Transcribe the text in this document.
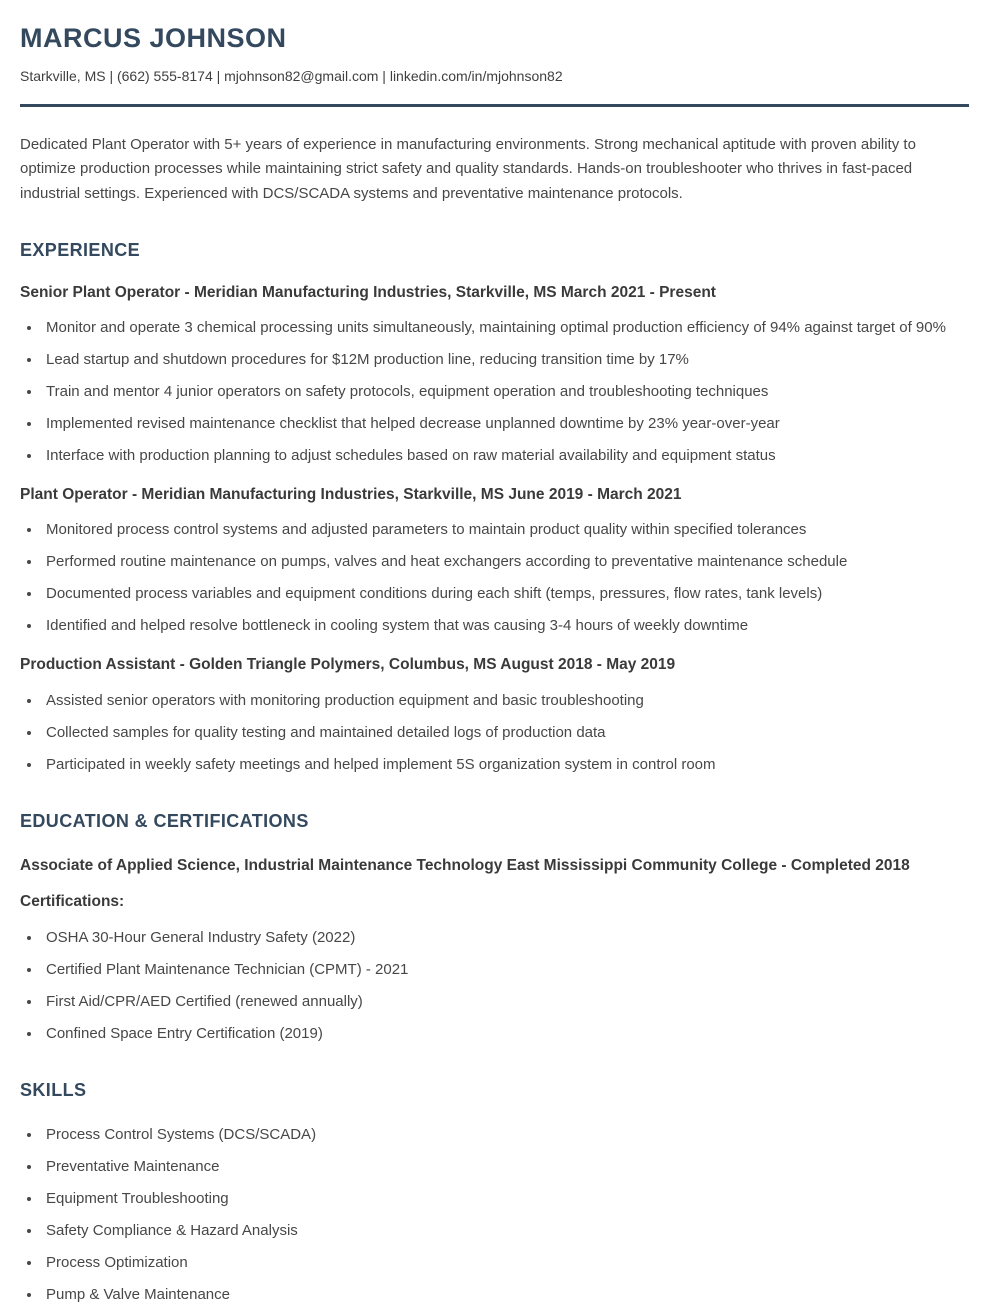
MARCUS JOHNSON
Starkville, MS | (662) 555-8174 | mjohnson82@gmail.com | linkedin.com/in/mjohnson82

Dedicated Plant Operator with 5+ years of experience in manufacturing environments. Strong mechanical aptitude with proven ability to optimize production processes while maintaining strict safety and quality standards. Hands-on troubleshooter who thrives in fast-paced industrial settings. Experienced with DCS/SCADA systems and preventative maintenance protocols.

EXPERIENCE
Senior Plant Operator - Meridian Manufacturing Industries, Starkville, MS March 2021 - Present
• Monitor and operate 3 chemical processing units simultaneously, maintaining optimal production efficiency of 94% against target of 90%
• Lead startup and shutdown procedures for $12M production line, reducing transition time by 17%
• Train and mentor 4 junior operators on safety protocols, equipment operation and troubleshooting techniques
• Implemented revised maintenance checklist that helped decrease unplanned downtime by 23% year-over-year
• Interface with production planning to adjust schedules based on raw material availability and equipment status
Plant Operator - Meridian Manufacturing Industries, Starkville, MS June 2019 - March 2021
• Monitored process control systems and adjusted parameters to maintain product quality within specified tolerances
• Performed routine maintenance on pumps, valves and heat exchangers according to preventative maintenance schedule
• Documented process variables and equipment conditions during each shift (temps, pressures, flow rates, tank levels)
• Identified and helped resolve bottleneck in cooling system that was causing 3-4 hours of weekly downtime
Production Assistant - Golden Triangle Polymers, Columbus, MS August 2018 - May 2019
• Assisted senior operators with monitoring production equipment and basic troubleshooting
• Collected samples for quality testing and maintained detailed logs of production data
• Participated in weekly safety meetings and helped implement 5S organization system in control room
EDUCATION & CERTIFICATIONS
Associate of Applied Science, Industrial Maintenance Technology East Mississippi Community College - Completed 2018
Certifications:
• OSHA 30-Hour General Industry Safety (2022)
• Certified Plant Maintenance Technician (CPMT) - 2021
• First Aid/CPR/AED Certified (renewed annually)
• Confined Space Entry Certification (2019)
SKILLS
• Process Control Systems (DCS/SCADA)
• Preventative Maintenance
• Equipment Troubleshooting
• Safety Compliance & Hazard Analysis
• Process Optimization
• Pump & Valve Maintenance
